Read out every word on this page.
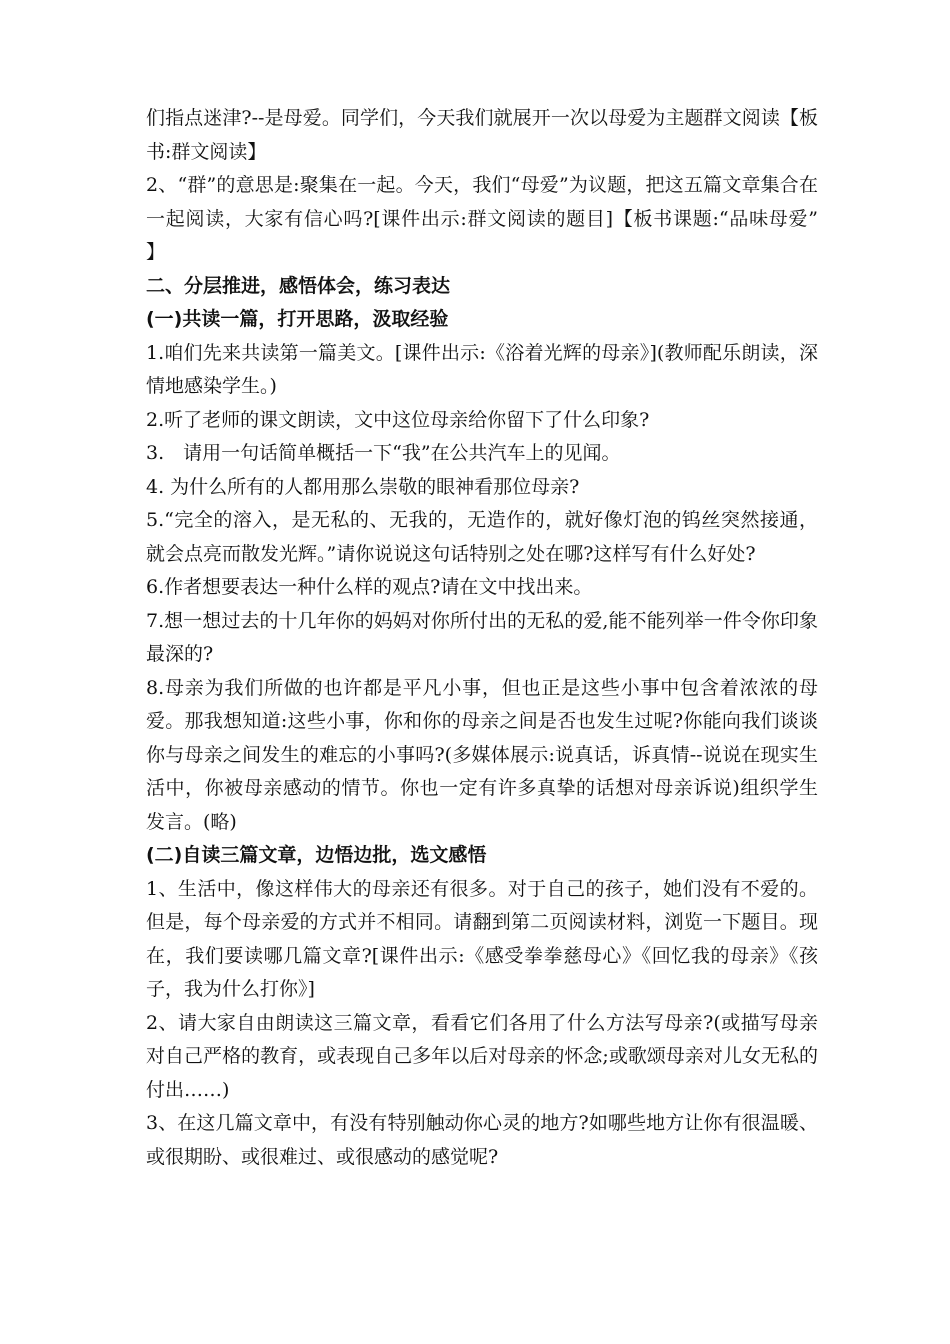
们指点迷津?--是母爱。同学们，今天我们就展开一次以母爱为主题群文阅读【板书:群文阅读】

2、“群”的意思是:聚集在一起。今天，我们“母爱”为议题，把这五篇文章集合在一起阅读，大家有信心吗?[课件出示:群文阅读的题目]【板书课题:“品味母爱”　 】

二、分层推进，感悟体会，练习表达

(一)共读一篇，打开思路，汲取经验

1.咱们先来共读第一篇美文。[课件出示:《浴着光辉的母亲》](教师配乐朗读，深情地感染学生。)

2.听了老师的课文朗读，文中这位母亲给你留下了什么印象?

3.　请用一句话简单概括一下“我”在公共汽车上的见闻。

4. 为什么所有的人都用那么崇敬的眼神看那位母亲?

5.“完全的溶入，是无私的、无我的，无造作的，就好像灯泡的钨丝突然接通，就会点亮而散发光辉。”请你说说这句话特别之处在哪?这样写有什么好处?

6.作者想要表达一种什么样的观点?请在文中找出来。

7.想一想过去的十几年你的妈妈对你所付出的无私的爱,能不能列举一件令你印象最深的?

8.母亲为我们所做的也许都是平凡小事，但也正是这些小事中包含着浓浓的母爱。那我想知道:这些小事，你和你的母亲之间是否也发生过呢?你能向我们谈谈你与母亲之间发生的难忘的小事吗?(多媒体展示:说真话，诉真情--说说在现实生活中，你被母亲感动的情节。你也一定有许多真挚的话想对母亲诉说)组织学生发言。(略)

(二)自读三篇文章，边悟边批，选文感悟

1、生活中，像这样伟大的母亲还有很多。对于自己的孩子，她们没有不爱的。但是，每个母亲爱的方式并不相同。请翻到第二页阅读材料，浏览一下题目。现在，我们要读哪几篇文章?[课件出示:《感受拳拳慈母心》《回忆我的母亲》《孩子，我为什么打你》]

2、请大家自由朗读这三篇文章，看看它们各用了什么方法写母亲?(或描写母亲对自己严格的教育，或表现自己多年以后对母亲的怀念;或歌颂母亲对儿女无私的付出……)

3、在这几篇文章中，有没有特别触动你心灵的地方?如哪些地方让你有很温暖、或很期盼、或很难过、或很感动的感觉呢?
